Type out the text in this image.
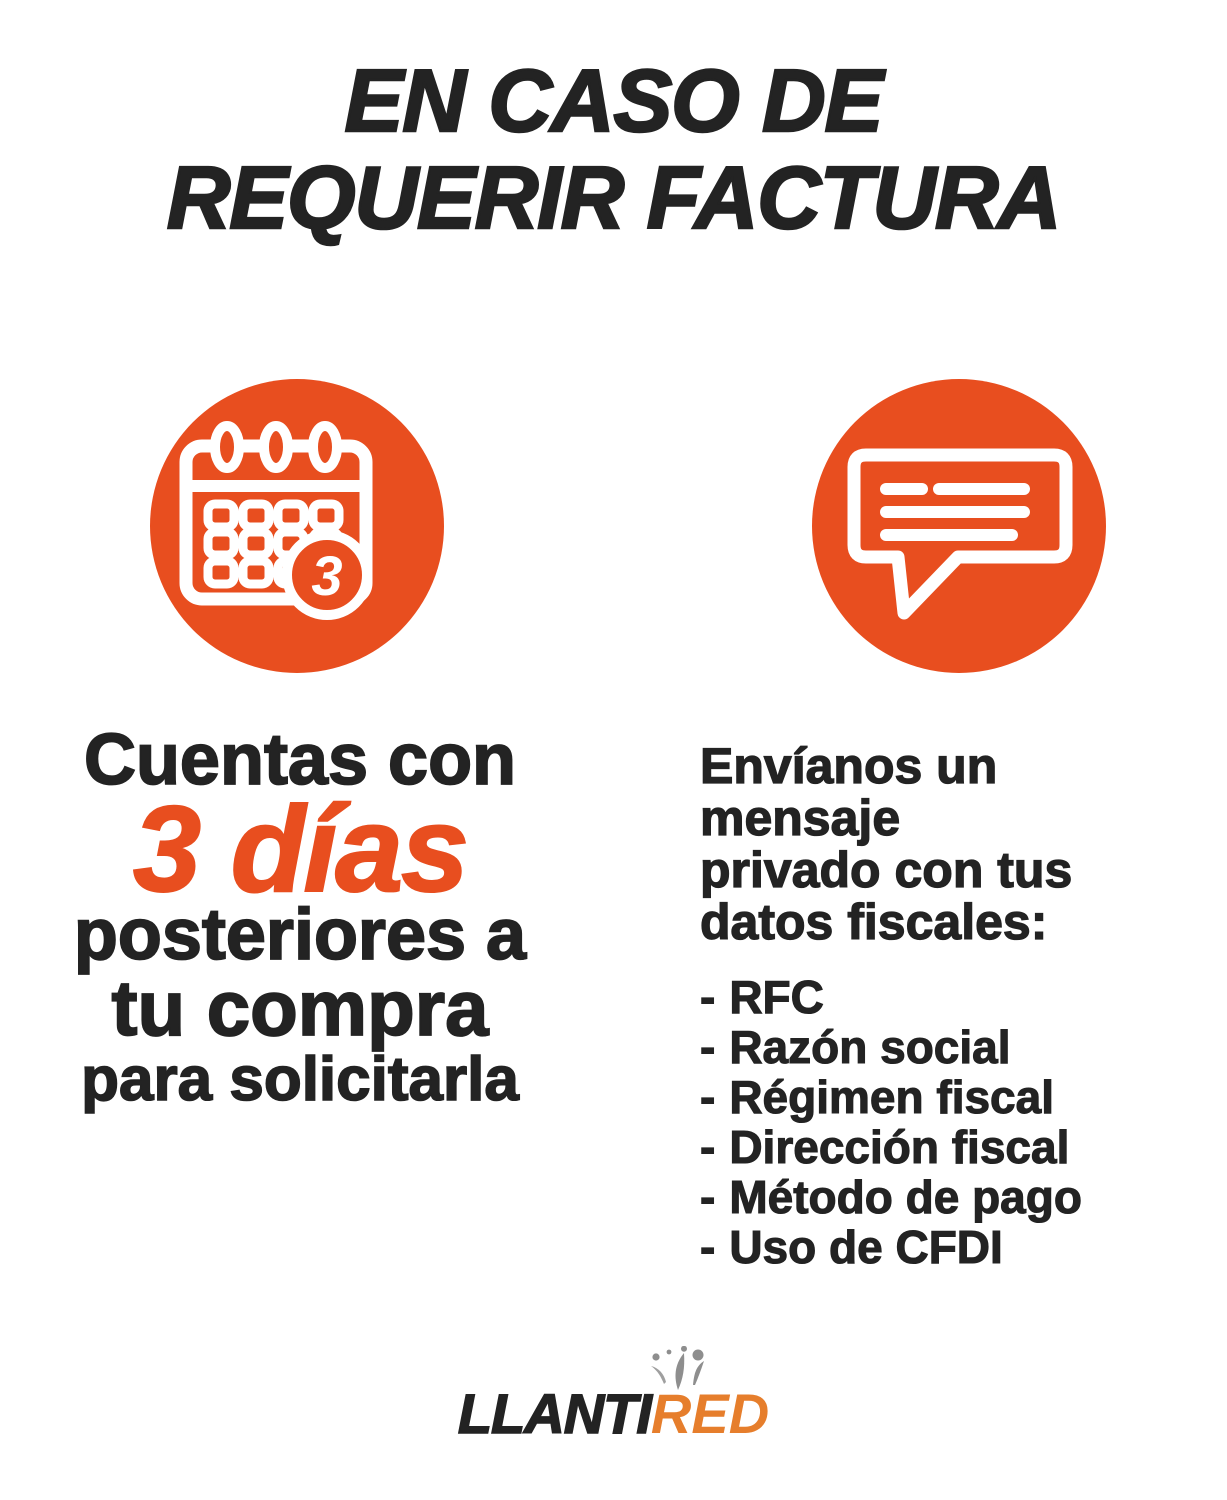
EN CASO DE
REQUERIR FACTURA
3
Cuentas con
3 días
posteriores a
tu compra
para solicitarla
Envíanos un mensaje
privado con tus
datos fiscales:
- RFC
- Razón social
- Régimen fiscal
- Dirección fiscal
- Método de pago
- Uso de CFDI
LLANTIRED
